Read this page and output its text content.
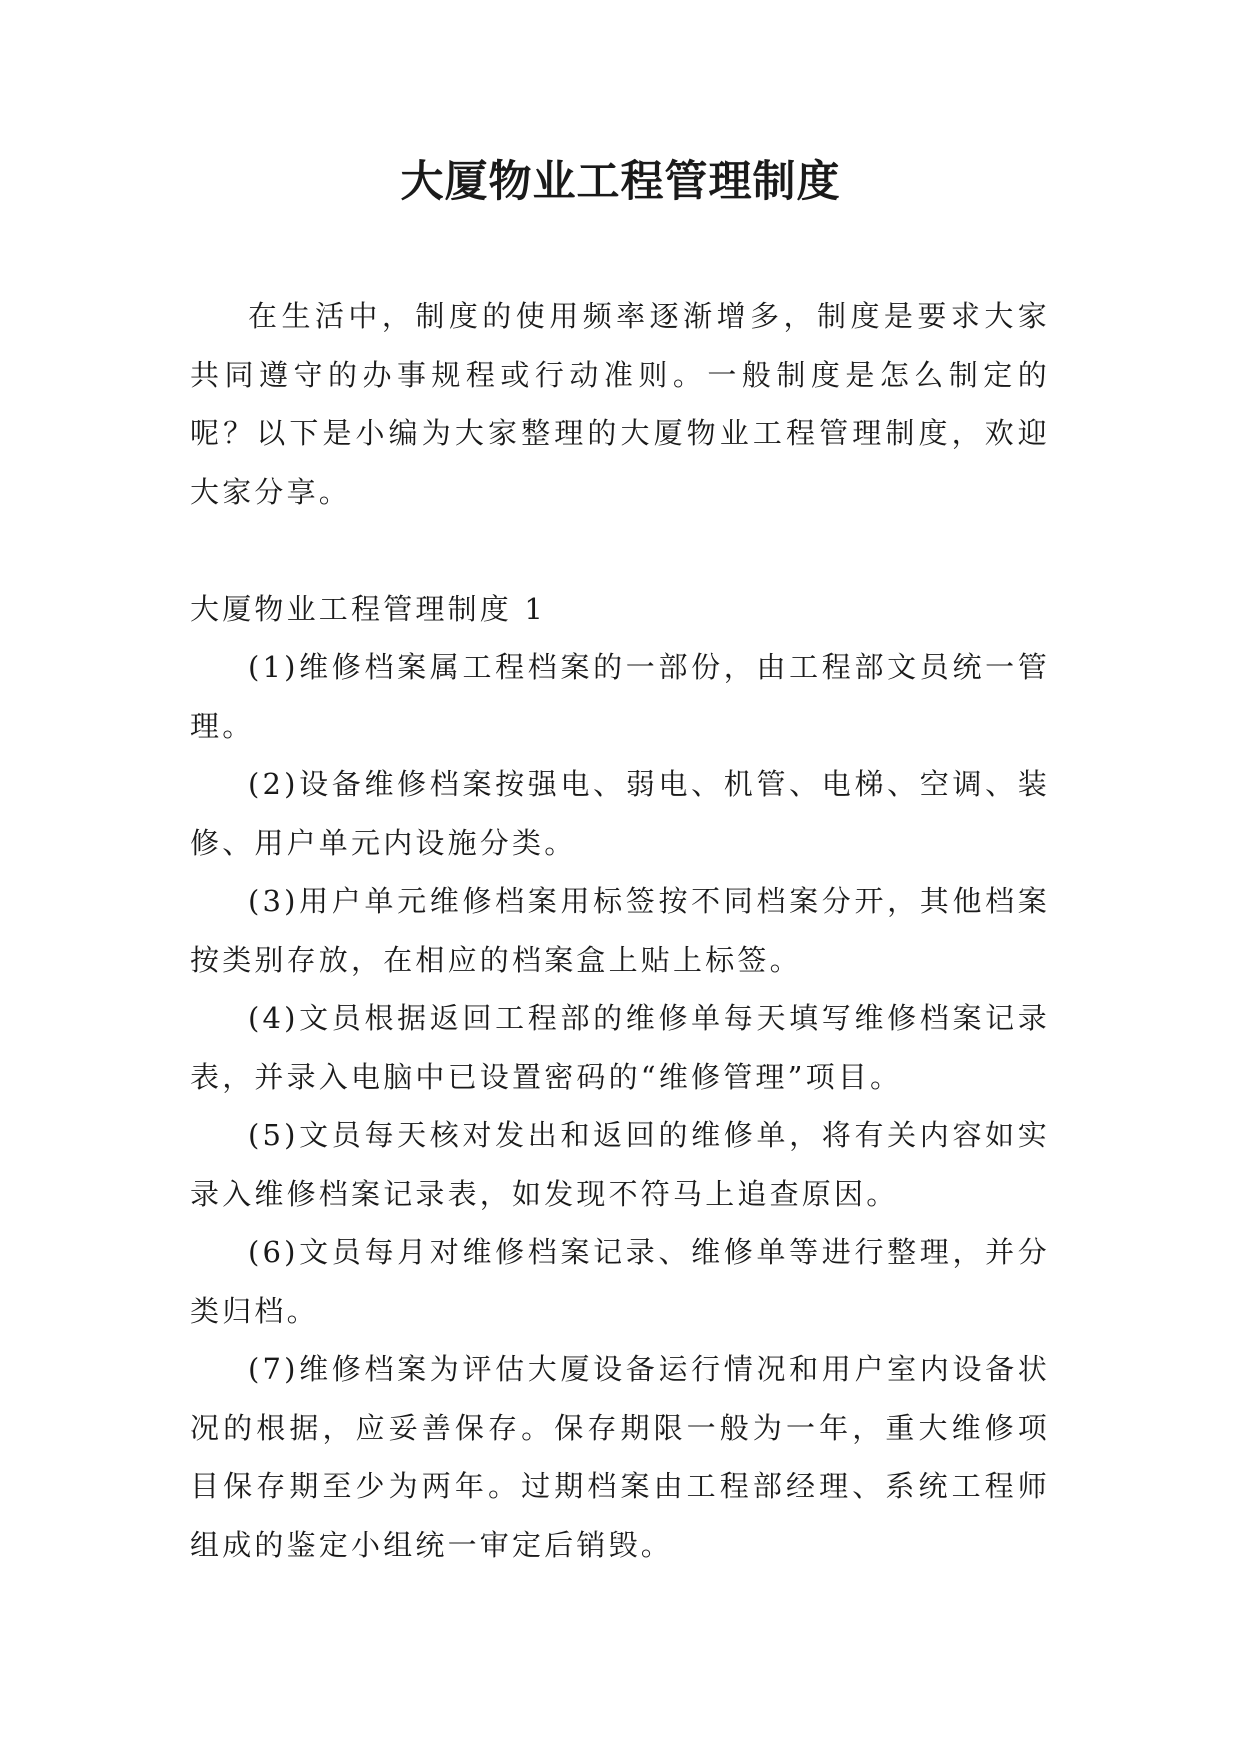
大厦物业工程管理制度

在生活中，制度的使用频率逐渐增多，制度是要求大家共同遵守的办事规程或行动准则。一般制度是怎么制定的呢？以下是小编为大家整理的大厦物业工程管理制度，欢迎大家分享。

大厦物业工程管理制度 1

(1)维修档案属工程档案的一部份，由工程部文员统一管理。

(2)设备维修档案按强电、弱电、机管、电梯、空调、装修、用户单元内设施分类。

(3)用户单元维修档案用标签按不同档案分开，其他档案按类别存放，在相应的档案盒上贴上标签。

(4)文员根据返回工程部的维修单每天填写维修档案记录表，并录入电脑中已设置密码的“维修管理”项目。

(5)文员每天核对发出和返回的维修单，将有关内容如实录入维修档案记录表，如发现不符马上追查原因。

(6)文员每月对维修档案记录、维修单等进行整理，并分类归档。

(7)维修档案为评估大厦设备运行情况和用户室内设备状况的根据，应妥善保存。保存期限一般为一年，重大维修项目保存期至少为两年。过期档案由工程部经理、系统工程师组成的鉴定小组统一审定后销毁。
